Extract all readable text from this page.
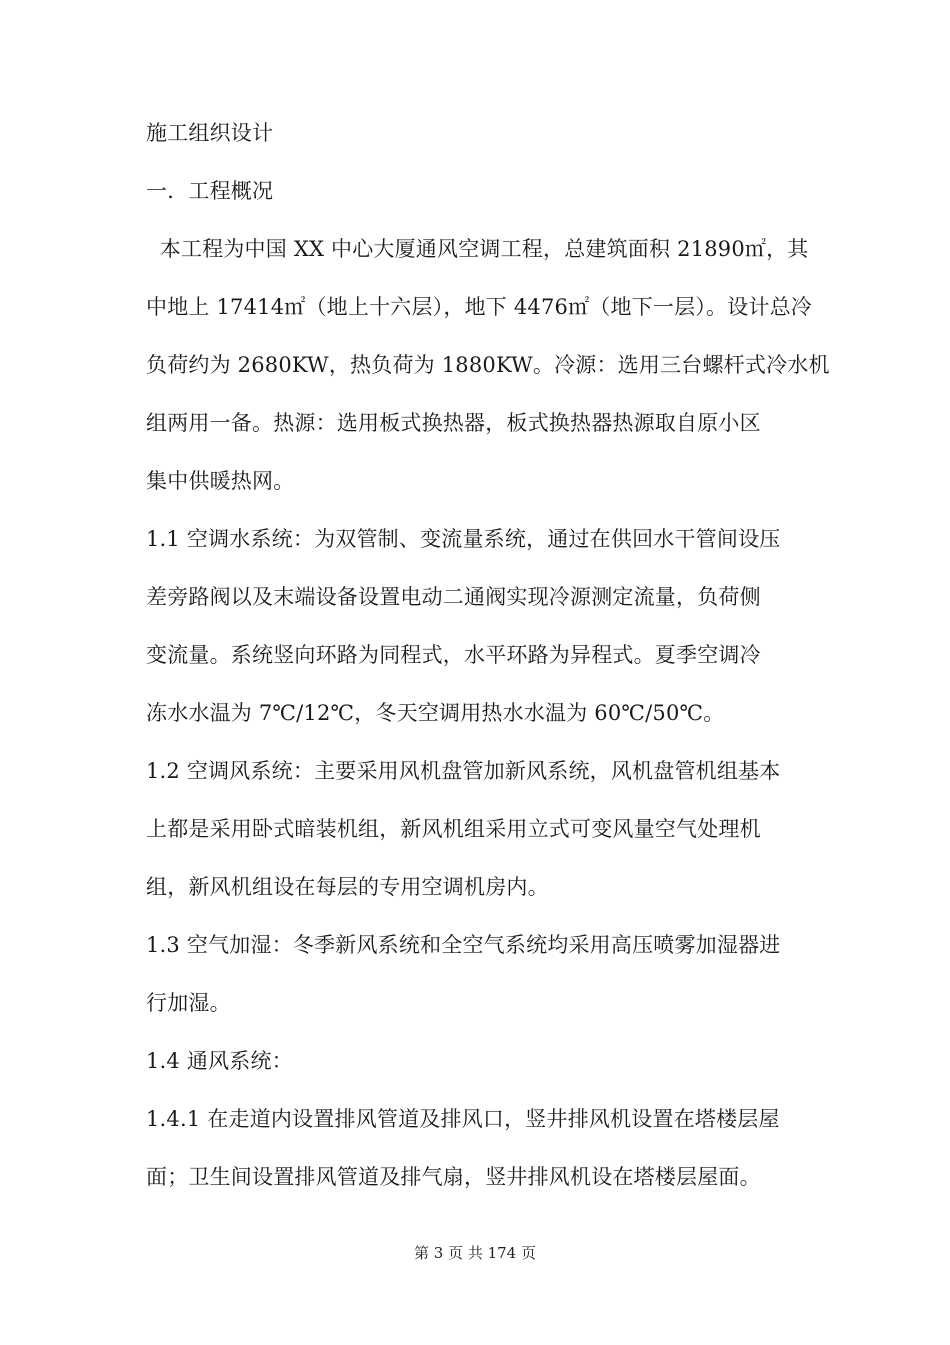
施工组织设计
一．工程概况
本工程为中国 XX 中心大厦通风空调工程，总建筑面积 21890㎡，其
中地上 17414㎡（地上十六层），地下 4476㎡（地下一层）。设计总冷
负荷约为 2680KW，热负荷为 1880KW。冷源：选用三台螺杆式冷水机
组两用一备。热源：选用板式换热器，板式换热器热源取自原小区
集中供暖热网。
1.1 空调水系统：为双管制、变流量系统，通过在供回水干管间设压
差旁路阀以及末端设备设置电动二通阀实现冷源测定流量，负荷侧
变流量。系统竖向环路为同程式，水平环路为异程式。夏季空调冷
冻水水温为 7℃/12℃，冬天空调用热水水温为 60℃/50℃。
1.2 空调风系统：主要采用风机盘管加新风系统，风机盘管机组基本
上都是采用卧式暗装机组，新风机组采用立式可变风量空气处理机
组，新风机组设在每层的专用空调机房内。
1.3 空气加湿：冬季新风系统和全空气系统均采用高压喷雾加湿器进
行加湿。
1.4 通风系统：
1.4.1 在走道内设置排风管道及排风口，竖井排风机设置在塔楼层屋
面；卫生间设置排风管道及排气扇，竖井排风机设在塔楼层屋面。
第 3 页 共 174 页
